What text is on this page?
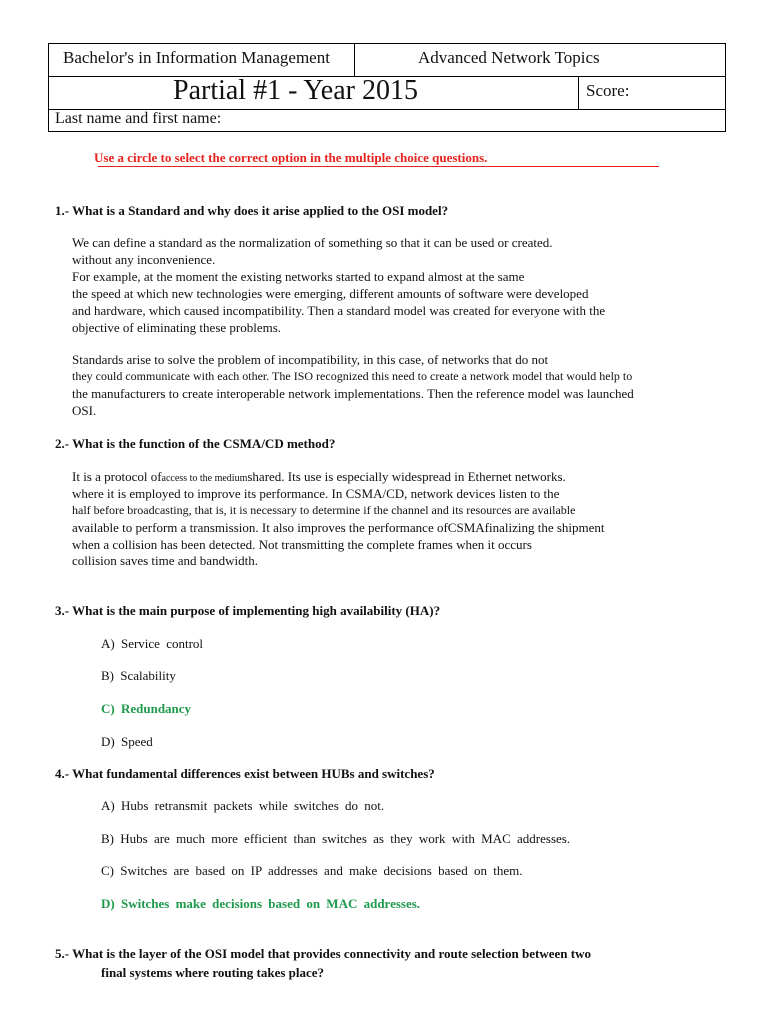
Bachelor's in Information Management	Advanced Network Topics
Partial #1 - Year 2015	Score:
Last name and first name:
Use a circle to select the correct option in the multiple choice questions.
1.- What is a Standard and why does it arise applied to the OSI model?
We can define a standard as the normalization of something so that it can be used or created.
without any inconvenience.
For example, at the moment the existing networks started to expand almost at the same
the speed at which new technologies were emerging, different amounts of software were developed
and hardware, which caused incompatibility. Then a standard model was created for everyone with the
objective of eliminating these problems.
Standards arise to solve the problem of incompatibility, in this case, of networks that do not
they could communicate with each other. The ISO recognized this need to create a network model that would help to
the manufacturers to create interoperable network implementations. Then the reference model was launched
OSI.
2.- What is the function of the CSMA/CD method?
It is a protocol ofaccess to the mediumshared. Its use is especially widespread in Ethernet networks.
where it is employed to improve its performance. In CSMA/CD, network devices listen to the
half before broadcasting, that is, it is necessary to determine if the channel and its resources are available
available to perform a transmission. It also improves the performance ofCSMAfinalizing the shipment
when a collision has been detected. Not transmitting the complete frames when it occurs
collision saves time and bandwidth.
3.- What is the main purpose of implementing high availability (HA)?
A) Service control
B) Scalability
C) Redundancy
D) Speed
4.- What fundamental differences exist between HUBs and switches?
A) Hubs retransmit packets while switches do not.
B) Hubs are much more efficient than switches as they work with MAC addresses.
C) Switches are based on IP addresses and make decisions based on them.
D) Switches make decisions based on MAC addresses.
5.- What is the layer of the OSI model that provides connectivity and route selection between two
final systems where routing takes place?
